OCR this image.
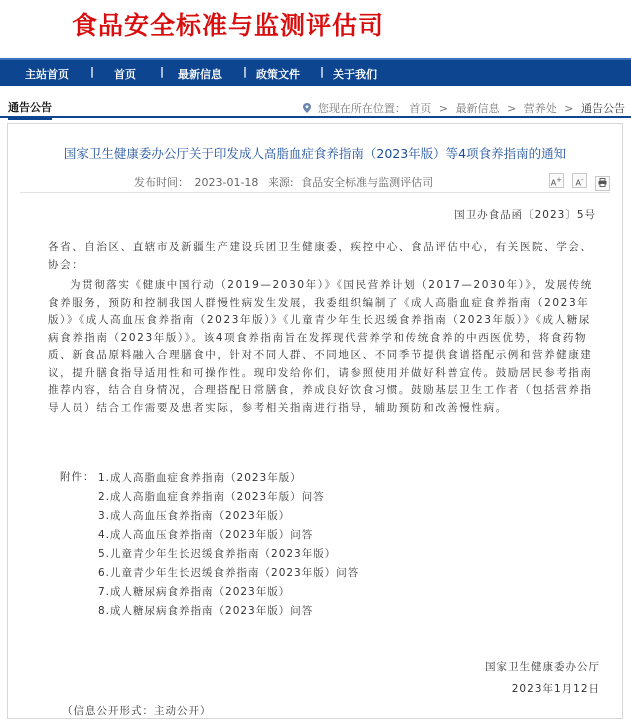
食品安全标准与监测评估司
主站首页 | 首页 | 最新信息 | 政策文件 | 关于我们
通告公告	您现在所在位置： 首页 > 最新信息 > 营养处 > 通告公告
国家卫生健康委办公厅关于印发成人高脂血症食养指南（2023年版）等4项食养指南的通知
发布时间： 2023-01-18 来源: 食品安全标准与监测评估司	A+ A-
国卫办食品函〔2023〕5号

各省、自治区、直辖市及新疆生产建设兵团卫生健康委，疾控中心、食品评估中心，有关医院、学会、协会：

为贯彻落实《健康中国行动（2019—2030年）》《国民营养计划（2017—2030年）》，发展传统食养服务，预防和控制我国人群慢性病发生发展，我委组织编制了《成人高脂血症食养指南（2023年版）》《成人高血压食养指南（2023年版）》《儿童青少年生长迟缓食养指南（2023年版）》《成人糖尿病食养指南（2023年版）》。该4项食养指南旨在发挥现代营养学和传统食养的中西医优势，将食药物质、新食品原料融入合理膳食中，针对不同人群、不同地区、不同季节提供食谱搭配示例和营养健康建议，提升膳食指导适用性和可操作性。现印发给你们，请参照使用并做好科普宣传。鼓励居民参考指南推荐内容，结合自身情况，合理搭配日常膳食，养成良好饮食习惯。鼓励基层卫生工作者（包括营养指导人员）结合工作需要及患者实际，参考相关指南进行指导，辅助预防和改善慢性病。

附件： 1.成人高脂血症食养指南（2023年版）
2.成人高脂血症食养指南（2023年版）问答
3.成人高血压食养指南（2023年版）
4.成人高血压食养指南（2023年版）问答
5.儿童青少年生长迟缓食养指南（2023年版）
6.儿童青少年生长迟缓食养指南（2023年版）问答
7.成人糖尿病食养指南（2023年版）
8.成人糖尿病食养指南（2023年版）问答
国家卫生健康委办公厅
2023年1月12日
（信息公开形式：主动公开）
